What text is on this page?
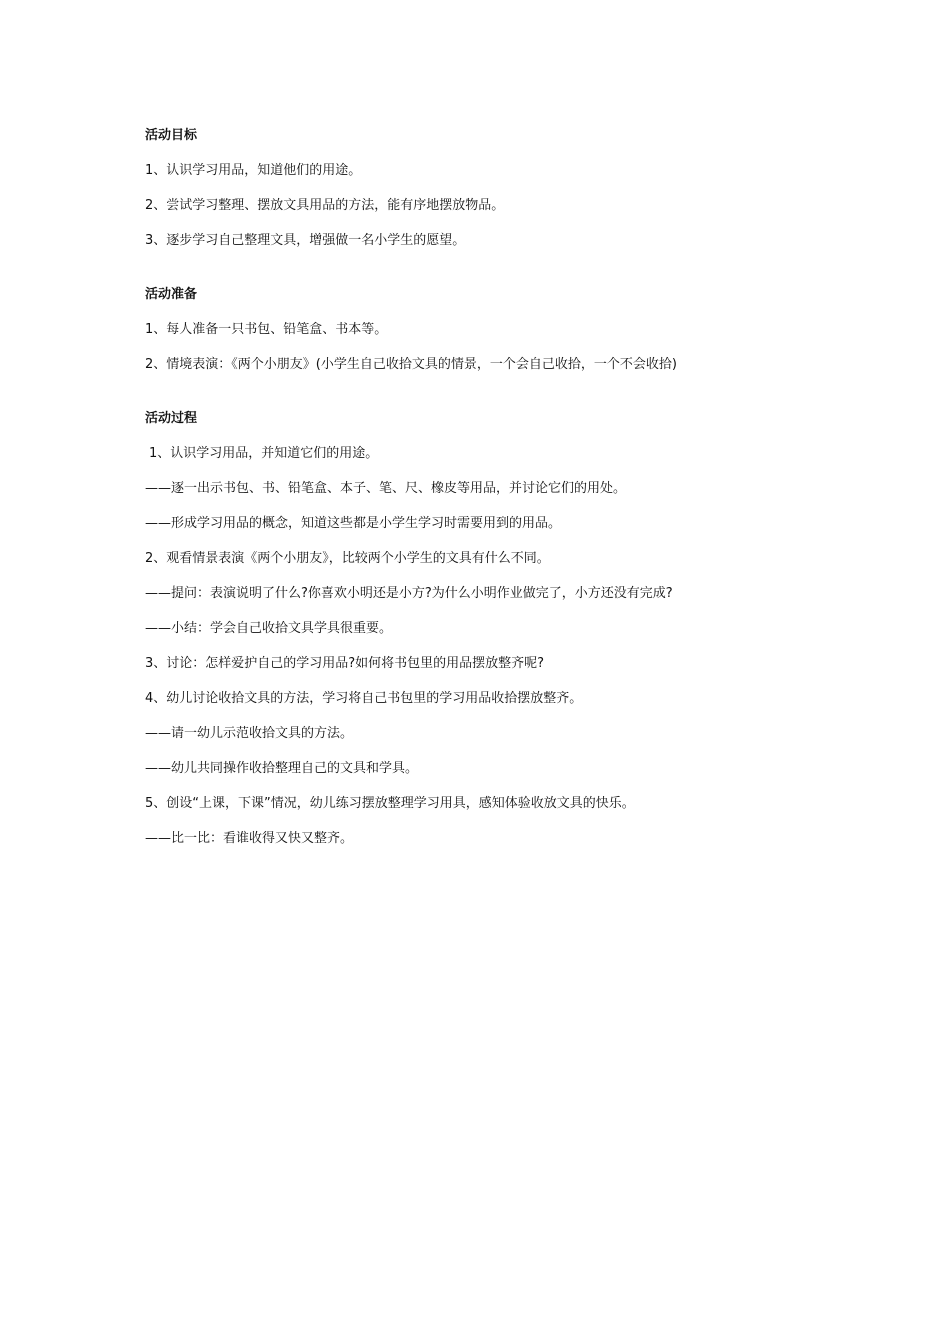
活动目标

1、认识学习用品，知道他们的用途。

2、尝试学习整理、摆放文具用品的方法，能有序地摆放物品。

3、逐步学习自己整理文具，增强做一名小学生的愿望。

活动准备

1、每人准备一只书包、铅笔盒、书本等。

2、情境表演：《两个小朋友》(小学生自己收拾文具的情景，一个会自己收拾，一个不会收拾)

活动过程

1、认识学习用品，并知道它们的用途。

——逐一出示书包、书、铅笔盒、本子、笔、尺、橡皮等用品，并讨论它们的用处。

——形成学习用品的概念，知道这些都是小学生学习时需要用到的用品。

2、观看情景表演《两个小朋友》，比较两个小学生的文具有什么不同。

——提问：表演说明了什么?你喜欢小明还是小方?为什么小明作业做完了，小方还没有完成?

——小结：学会自己收拾文具学具很重要。

3、讨论：怎样爱护自己的学习用品?如何将书包里的用品摆放整齐呢?

4、幼儿讨论收拾文具的方法，学习将自己书包里的学习用品收拾摆放整齐。

——请一幼儿示范收拾文具的方法。

——幼儿共同操作收拾整理自己的文具和学具。

5、创设“上课，下课”情况，幼儿练习摆放整理学习用具，感知体验收放文具的快乐。

——比一比：看谁收得又快又整齐。
